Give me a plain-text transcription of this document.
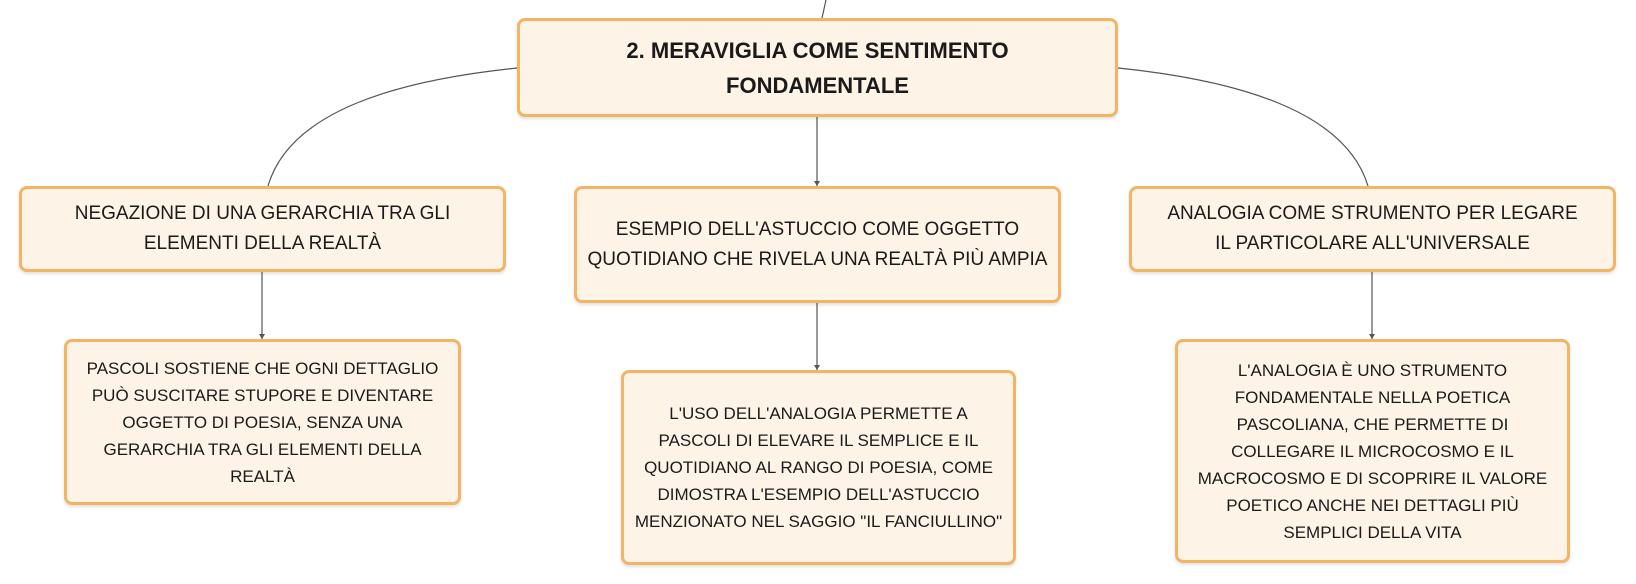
2. MERAVIGLIA COME SENTIMENTO FONDAMENTALE
NEGAZIONE DI UNA GERARCHIA TRA GLI ELEMENTI DELLA REALTÀ
ESEMPIO DELL'ASTUCCIO COME OGGETTO QUOTIDIANO CHE RIVELA UNA REALTÀ PIÙ AMPIA
ANALOGIA COME STRUMENTO PER LEGARE IL PARTICOLARE ALL'UNIVERSALE
PASCOLI SOSTIENE CHE OGNI DETTAGLIO PUÒ SUSCITARE STUPORE E DIVENTARE OGGETTO DI POESIA, SENZA UNA GERARCHIA TRA GLI ELEMENTI DELLA REALTÀ
L'USO DELL'ANALOGIA PERMETTE A PASCOLI DI ELEVARE IL SEMPLICE E IL QUOTIDIANO AL RANGO DI POESIA, COME DIMOSTRA L'ESEMPIO DELL'ASTUCCIO MENZIONATO NEL SAGGIO "IL FANCIULLINO"
L'ANALOGIA È UNO STRUMENTO FONDAMENTALE NELLA POETICA PASCOLIANA, CHE PERMETTE DI COLLEGARE IL MICROCOSMO E IL MACROCOSMO E DI SCOPRIRE IL VALORE POETICO ANCHE NEI DETTAGLI PIÙ SEMPLICI DELLA VITA
